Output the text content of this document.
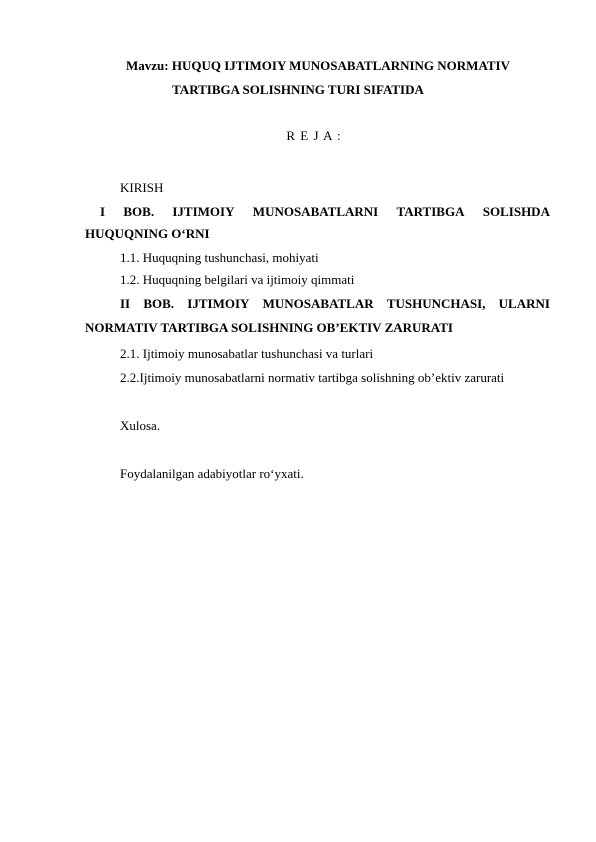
Mavzu: HUQUQ IJTIMOIY MUNOSABATLARNING NORMATIV

TARTIBGA SOLISHNING TURI SIFATIDA

R E J A :

KIRISH

I BOB. IJTIMOIY MUNOSABATLARNI TARTIBGA SOLISHDA

HUQUQNING O‘RNI

1.1. Huquqning tushunchasi, mohiyati

1.2. Huquqning belgilari va ijtimoiy qimmati

II BOB. IJTIMOIY MUNOSABATLAR TUSHUNCHASI, ULARNI

NORMATIV TARTIBGA SOLISHNING OB’EKTIV ZARURATI

2.1. Ijtimoiy munosabatlar tushunchasi va turlari

2.2.Ijtimoiy munosabatlarni normativ tartibga solishning ob’ektiv zarurati

Xulosa.

Foydalanilgan adabiyotlar ro‘yxati.
